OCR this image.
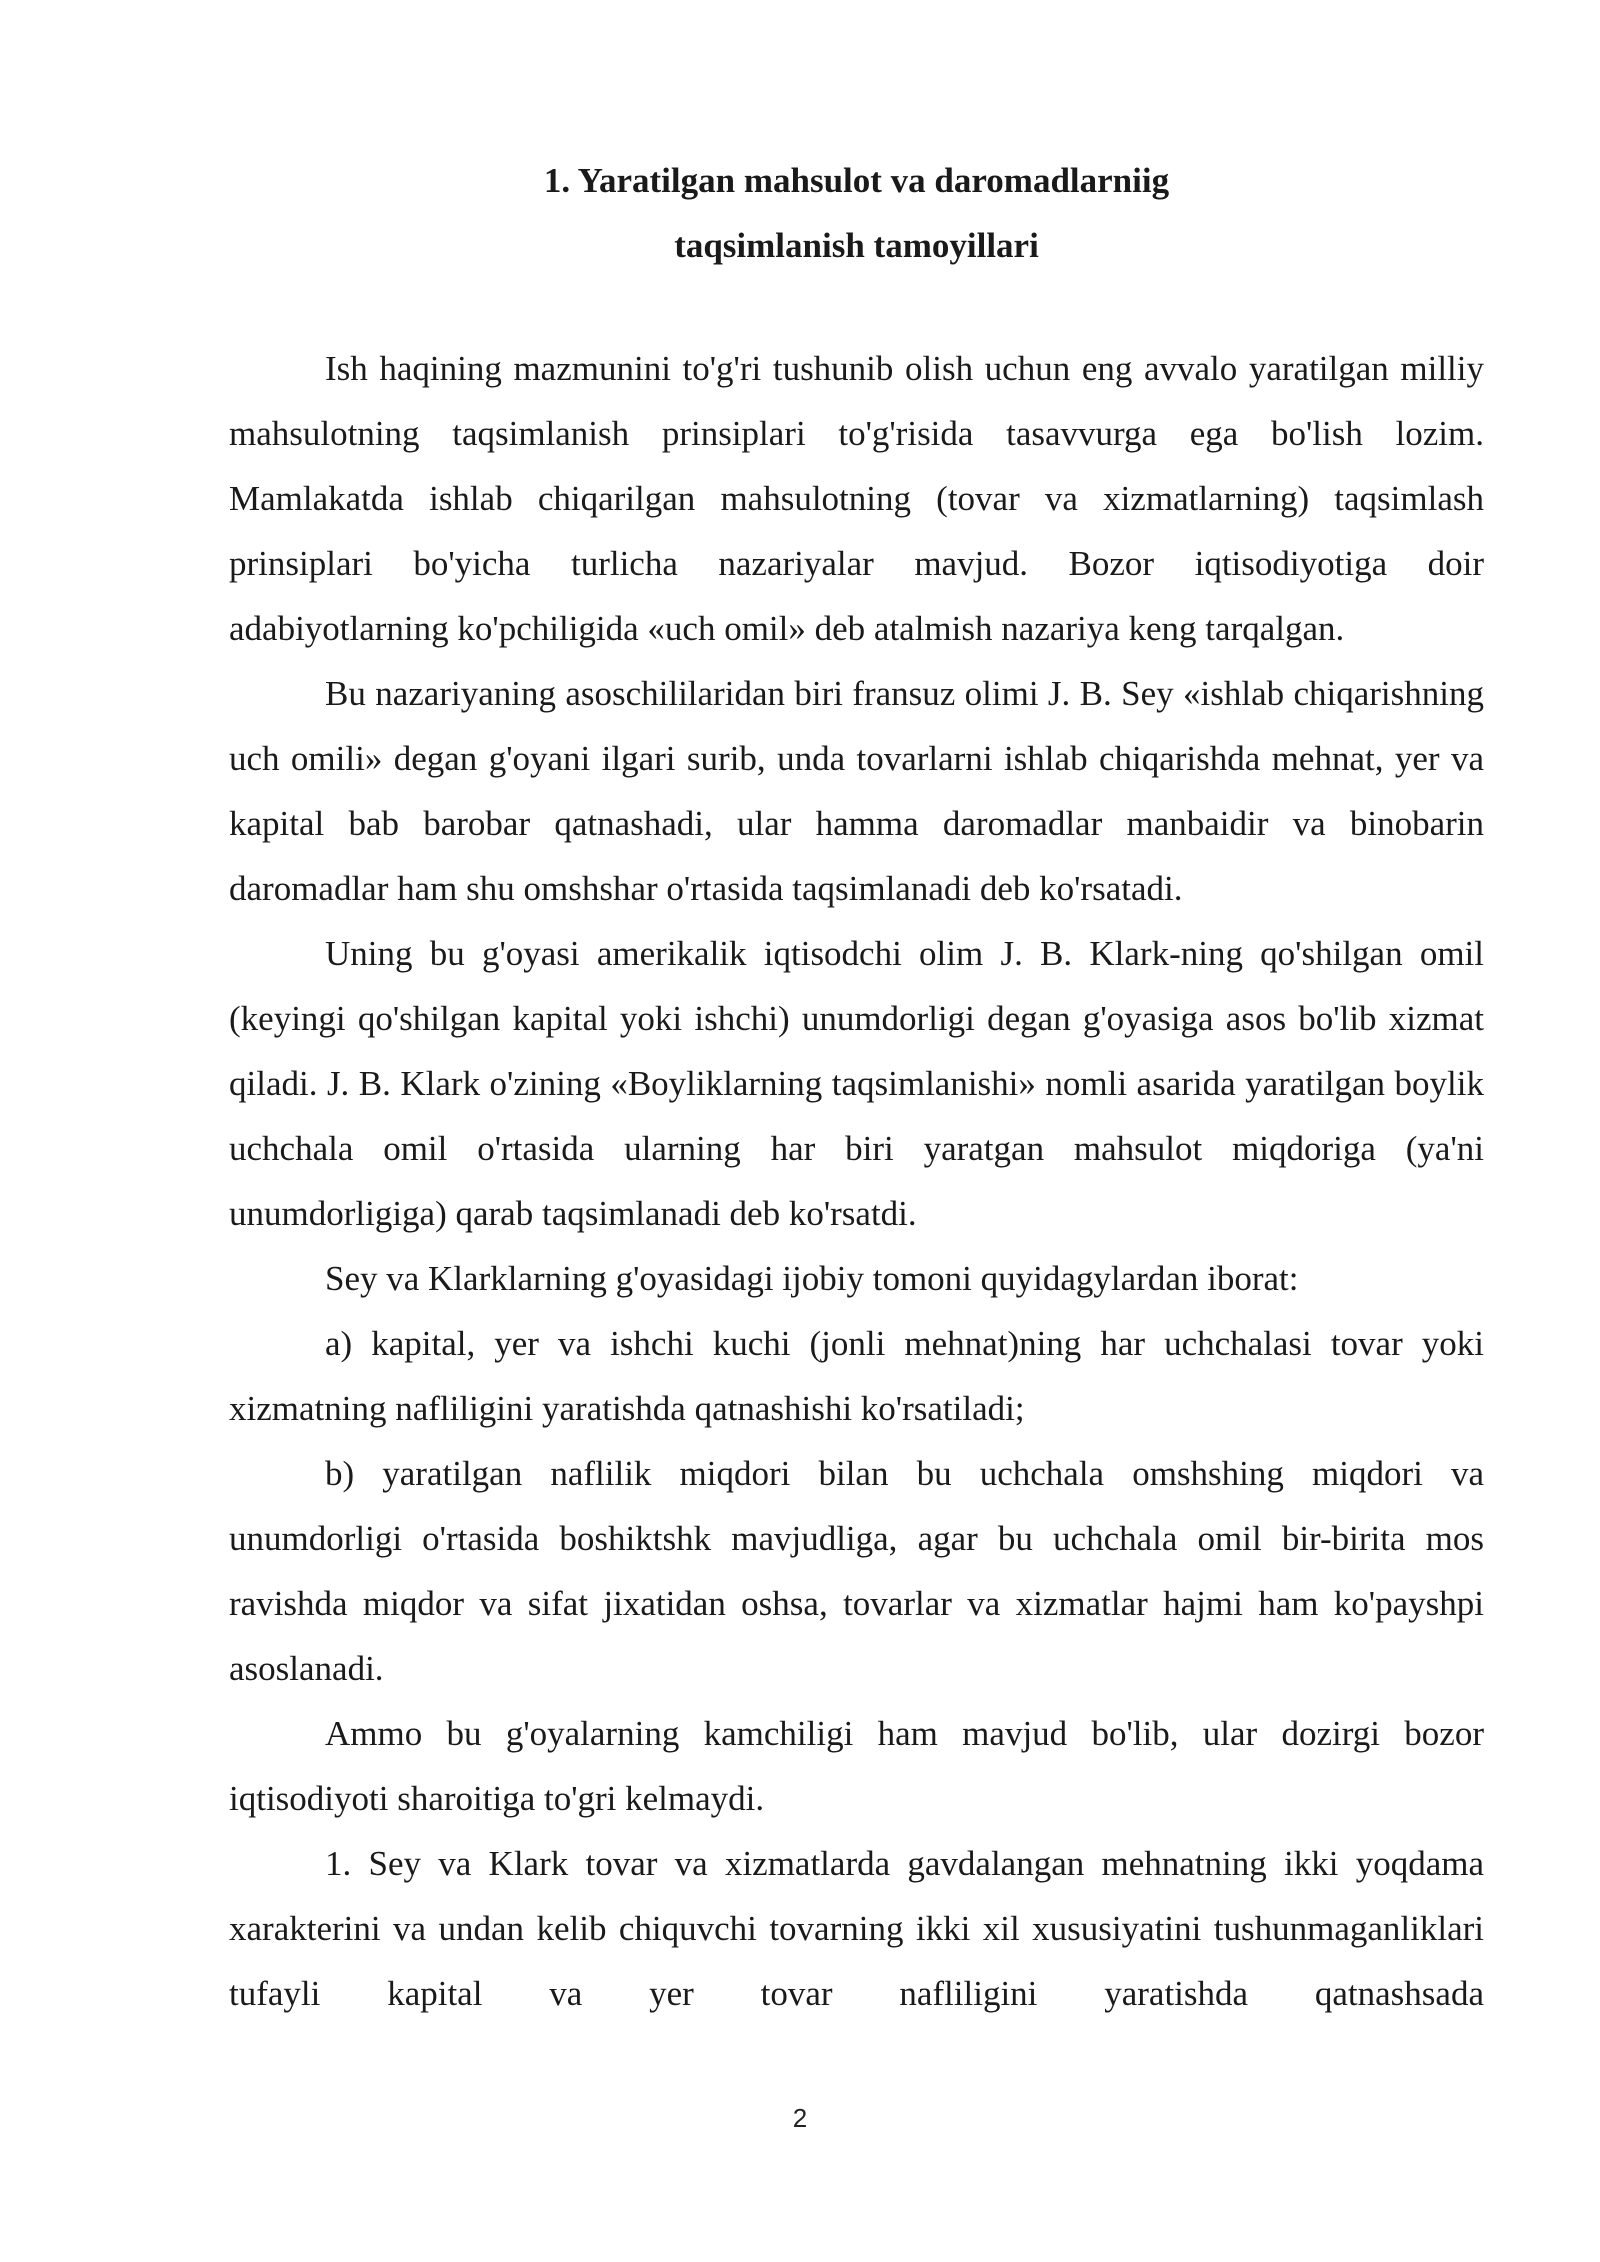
1. Yaratilgan mahsulot va daromadlarniig
taqsimlanish tamoyillari

Ish haqining mazmunini to'g'ri tushunib olish uchun eng avvalo yaratilgan milliy mahsulotning taqsimlanish prinsiplari to'g'risida tasavvurga ega bo'lish lozim. Mamlakatda ishlab chiqarilgan mahsulotning (tovar va xizmatlarning) taqsimlash prinsiplari bo'yicha turlicha nazariyalar mavjud. Bozor iqtisodiyotiga doir adabiyotlarning ko'pchiligida «uch omil» deb atalmish nazariya keng tarqalgan.

Bu nazariyaning asoschililaridan biri fransuz olimi J. B. Sey «ishlab chiqarishning uch omili» degan g'oyani ilgari surib, unda tovarlarni ishlab chiqarishda mehnat, yer va kapital bab barobar qatnashadi, ular hamma daromadlar manbaidir va binobarin daromadlar ham shu omshshar o'rtasida taqsimlanadi deb ko'rsatadi.

Uning bu g'oyasi amerikalik iqtisodchi olim J. B. Klark-ning qo'shilgan omil (keyingi qo'shilgan kapital yoki ishchi) unumdorligi degan g'oyasiga asos bo'lib xizmat qiladi. J. B. Klark o'zining «Boyliklarning taqsimlanishi» nomli asarida yaratilgan boylik uchchala omil o'rtasida ularning har biri yaratgan mahsulot miqdoriga (ya'ni unumdorligiga) qarab taqsimlanadi deb ko'rsatdi.

Sey va Klarklarning g'oyasidagi ijobiy tomoni quyidagylardan iborat:

a) kapital, yer va ishchi kuchi (jonli mehnat)ning har uchchalasi tovar yoki xizmatning nafliligini yaratishda qatnashishi ko'rsatiladi;

b) yaratilgan naflilik miqdori bilan bu uchchala omshshing miqdori va unumdorligi o'rtasida boshiktshk mavjudliga, agar bu uchchala omil bir-birita mos ravishda miqdor va sifat jixatidan oshsa, tovarlar va xizmatlar hajmi ham ko'payshpi asoslanadi.

Ammo bu g'oyalarning kamchiligi ham mavjud bo'lib, ular dozirgi bozor iqtisodiyoti sharoitiga to'gri kelmaydi.

1. Sey va Klark tovar va xizmatlarda gavdalangan mehnatning ikki yoqdama xarakterini va undan kelib chiquvchi tovarning ikki xil xususiyatini tushunmaganliklari tufayli kapital va yer tovar nafliligini yaratishda qatnashsada

2
